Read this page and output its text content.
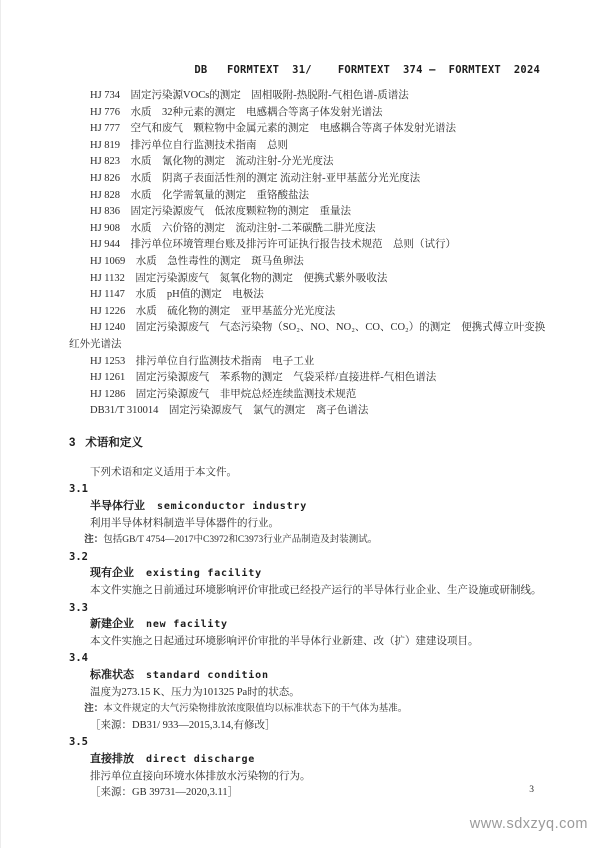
DB   FORMTEXT  31/    FORMTEXT  374 —  FORMTEXT  2024
HJ 734　固定污染源VOCs的测定　固相吸附-热脱附-气相色谱-质谱法
HJ 776　水质　32种元素的测定　电感耦合等离子体发射光谱法
HJ 777　空气和废气　颗粒物中金属元素的测定　电感耦合等离子体发射光谱法
HJ 819　排污单位自行监测技术指南　总则
HJ 823　水质　氰化物的测定　流动注射-分光光度法
HJ 826　水质　阴离子表面活性剂的测定 流动注射-亚甲基蓝分光光度法
HJ 828　水质　化学需氧量的测定　重铬酸盐法
HJ 836　固定污染源废气　低浓度颗粒物的测定　重量法
HJ 908　水质　六价铬的测定　流动注射-二苯碳酰二肼光度法
HJ 944　排污单位环境管理台账及排污许可证执行报告技术规范　总则（试行）
HJ 1069　水质　急性毒性的测定　斑马鱼卵法
HJ 1132　固定污染源废气　氮氧化物的测定　便携式紫外吸收法
HJ 1147　水质　pH值的测定　电极法
HJ 1226　水质　硫化物的测定　亚甲基蓝分光光度法
HJ 1240　固定污染源废气　气态污染物（SO₂、NO、NO₂、CO、CO₂）的测定　便携式傅立叶变换红外光谱法
HJ 1253　排污单位自行监测技术指南　电子工业
HJ 1261　固定污染源废气　苯系物的测定　气袋采样/直接进样-气相色谱法
HJ 1286　固定污染源废气　非甲烷总烃连续监测技术规范
DB31/T 310014　固定污染源废气　氯气的测定　离子色谱法
3 术语和定义

下列术语和定义适用于本文件。

3.1
半导体行业 semiconductor industry
利用半导体材料制造半导体器件的行业。
注：包括GB/T 4754—2017中C3972和C3973行业产品制造及封装测试。
3.2
现有企业 existing facility
本文件实施之日前通过环境影响评价审批或已经投产运行的半导体行业企业、生产设施或研制线。
3.3
新建企业 new facility
本文件实施之日起通过环境影响评价审批的半导体行业新建、改（扩）建建设项目。
3.4
标准状态 standard condition
温度为273.15 K、压力为101325 Pa时的状态。
注：本文件规定的大气污染物排放浓度限值均以标准状态下的干气体为基准。
［来源：DB31/ 933—2015,3.14,有修改］
3.5
直接排放 direct discharge
排污单位直接向环境水体排放水污染物的行为。
［来源：GB 39731—2020,3.11］	3
www.sdxzyq.com
